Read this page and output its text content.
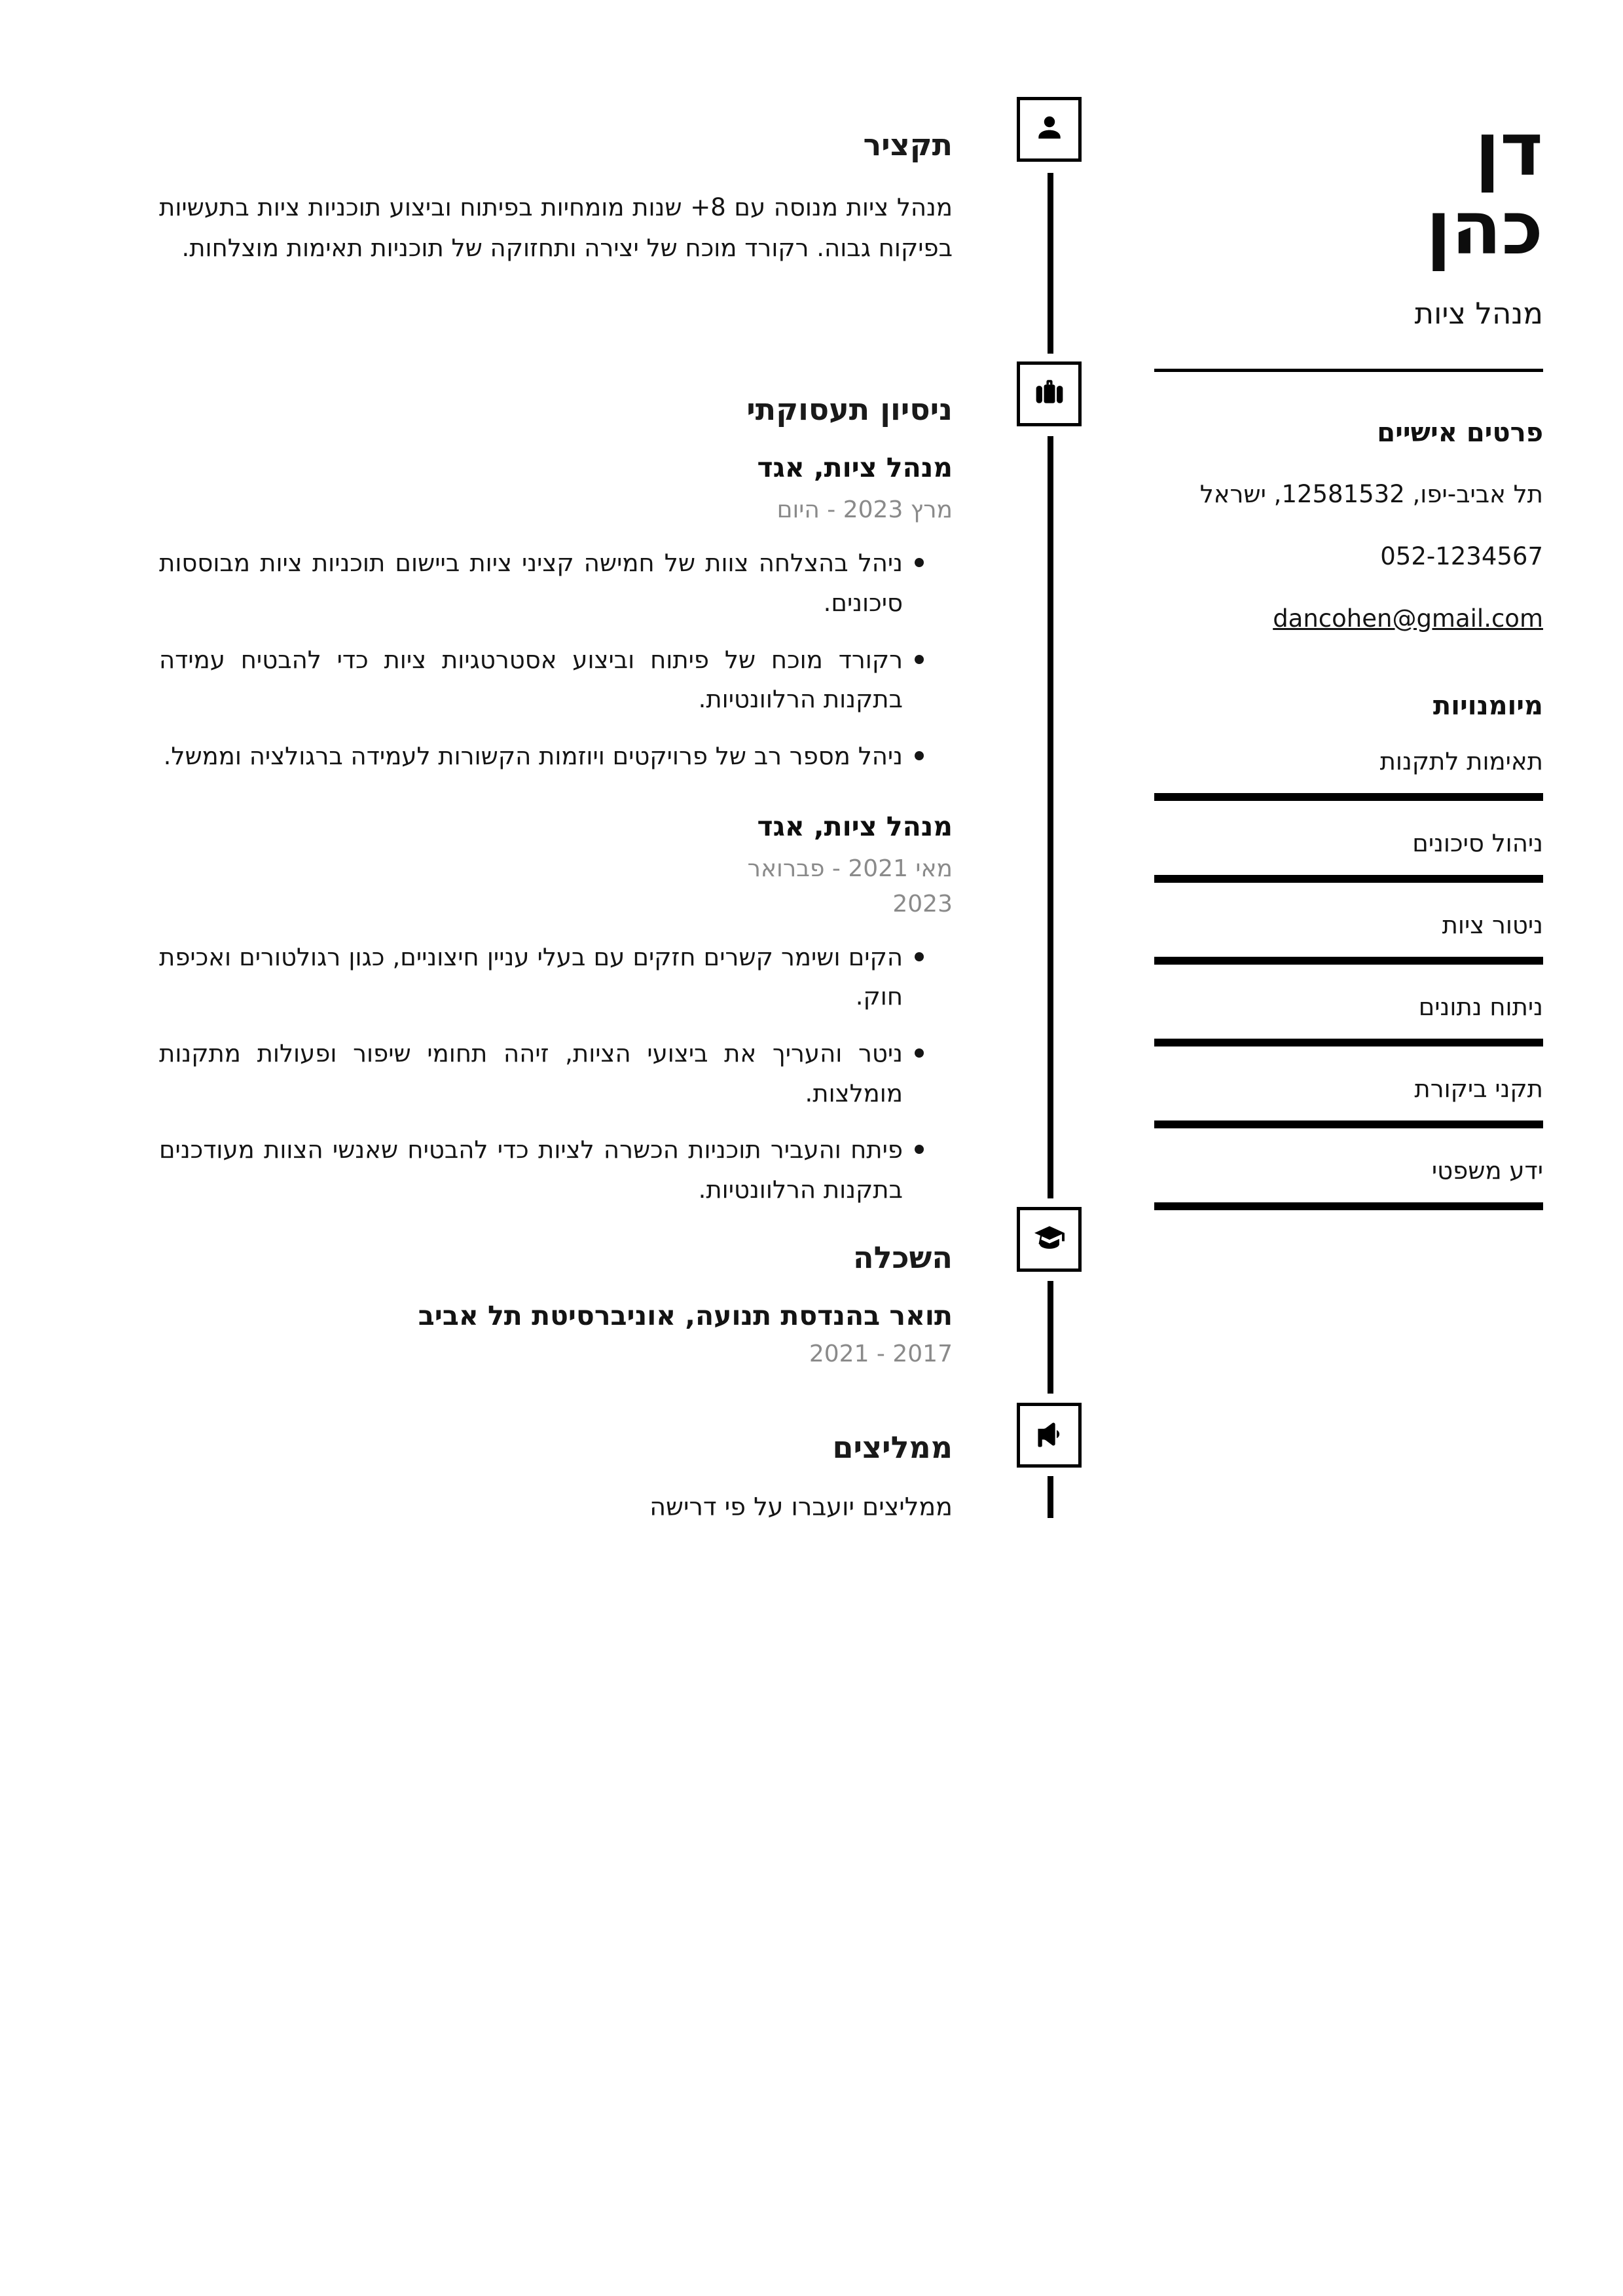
תקציר

מנהל ציות מנוסה עם 8+ שנות מומחיות בפיתוח וביצוע תוכניות ציות בתעשיות בפיקוח גבוה. רקורד מוכח של יצירה ותחזוקה של תוכניות תאימות מוצלחות.

ניסיון תעסוקתי
מנהל ציות, אגד
מרץ 2023 - היום
ניהל בהצלחה צוות של חמישה קציני ציות ביישום תוכניות ציות מבוססות סיכונים.
רקורד מוכח של פיתוח וביצוע אסטרטגיות ציות כדי להבטיח עמידה בתקנות הרלוונטיות.
ניהל מספר רב של פרויקטים ויוזמות הקשורות לעמידה ברגולציה וממשל.
מנהל ציות, אגד
מאי 2021 - פברואר 2023
הקים ושימר קשרים חזקים עם בעלי עניין חיצוניים, כגון רגולטורים ואכיפת חוק.
ניטר והעריך את ביצועי הציות, זיהה תחומי שיפור ופעולות מתקנות מומלצות.
פיתח והעביר תוכניות הכשרה לציות כדי להבטיח שאנשי הצוות מעודכנים בתקנות הרלוונטיות.
השכלה
תואר בהנדסת תנועה, אוניברסיטת תל אביב
2017 - 2021
ממליצים

ממליצים יועברו על פי דרישה

דן
כהן
מנהל ציות
פרטים אישיים
תל אביב-יפו, 12581532, ישראל
052-1234567
dancohen@gmail.com
מיומנויות
תאימות לתקנות
ניהול סיכונים
ניטור ציות
ניתוח נתונים
תקני ביקורת
ידע משפטי
